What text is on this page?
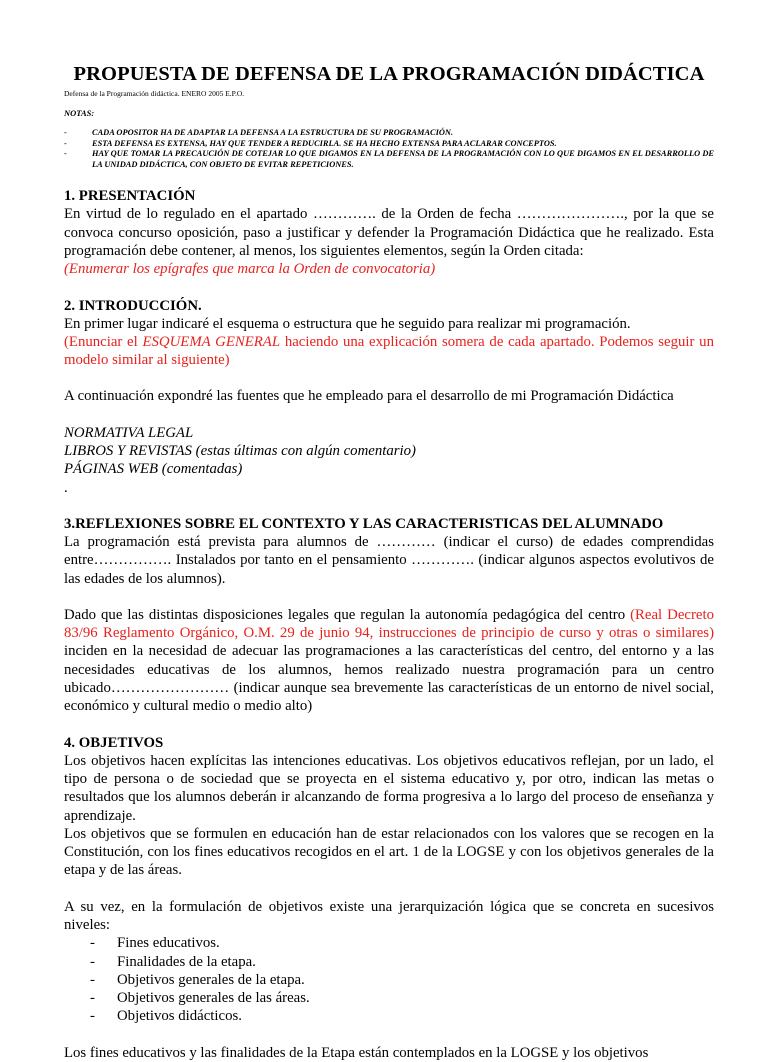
PROPUESTA DE DEFENSA DE LA PROGRAMACIÓN DIDÁCTICA
Defensa de la Programación didáctica. ENERO 2005 E.P.O.
NOTAS:
-	CADA OPOSITOR HA DE ADAPTAR LA DEFENSA A LA ESTRUCTURA DE SU PROGRAMACIÓN.
-	ESTA DEFENSA ES EXTENSA, HAY QUE TENDER A REDUCIRLA. SE HA HECHO EXTENSA PARA ACLARAR CONCEPTOS.
-	HAY QUE TOMAR LA PRECAUCIÓN DE COTEJAR LO QUE DIGAMOS EN LA DEFENSA DE LA PROGRAMACIÓN CON LO QUE DIGAMOS EN EL DESARROLLO DE LA UNIDAD DIDÁCTICA, CON OBJETO DE EVITAR REPETICIONES.
1. PRESENTACIÓN

En virtud de lo regulado en el apartado …………. de la Orden de fecha …………………., por la que se convoca concurso oposición, paso a justificar y defender la Programación Didáctica que he realizado. Esta programación debe contener, al menos, los siguientes elementos, según la Orden citada:

(Enumerar los epígrafes que marca la Orden de convocatoria)

2. INTRODUCCIÓN.

En primer lugar indicaré el esquema o estructura que he seguido para realizar mi programación.

(Enunciar el ESQUEMA GENERAL haciendo una explicación somera de cada apartado. Podemos seguir un modelo similar al siguiente)

A continuación expondré las fuentes que he empleado para el desarrollo de mi Programación Didáctica

NORMATIVA LEGAL

LIBROS Y REVISTAS (estas últimas con algún comentario)

PÁGINAS WEB (comentadas)

.

3.REFLEXIONES SOBRE EL CONTEXTO Y LAS CARACTERISTICAS DEL ALUMNADO

La programación está prevista para alumnos de ………… (indicar el curso) de edades comprendidas entre……………. Instalados por tanto en el pensamiento …………. (indicar algunos aspectos evolutivos de las edades de los alumnos).

Dado que las distintas disposiciones legales que regulan la autonomía pedagógica del centro (Real Decreto 83/96 Reglamento Orgánico, O.M. 29 de junio 94, instrucciones de principio de curso y otras o similares) inciden en la necesidad de adecuar las programaciones a las características del centro, del entorno y a las necesidades educativas de los alumnos, hemos realizado nuestra programación para un centro ubicado…………………… (indicar aunque sea brevemente las características de un entorno de nivel social, económico y cultural medio o medio alto)

4. OBJETIVOS

Los objetivos hacen explícitas las intenciones educativas. Los objetivos educativos reflejan, por un lado, el tipo de persona o de sociedad que se proyecta en el sistema educativo y, por otro, indican las metas o resultados que los alumnos deberán ir alcanzando de forma progresiva a lo largo del proceso de enseñanza y aprendizaje.

Los objetivos que se formulen en educación han de estar relacionados con los valores que se recogen en la Constitución, con los fines educativos recogidos en el art. 1 de la LOGSE y con los objetivos generales de la etapa y de las áreas.

A su vez, en la formulación de objetivos existe una jerarquización lógica que se concreta en sucesivos niveles:

- Fines educativos.
- Finalidades de la etapa.
- Objetivos generales de la etapa.
- Objetivos generales de las áreas.
- Objetivos didácticos.

Los fines educativos y las finalidades de la Etapa están contemplados en la LOGSE y los objetivos
